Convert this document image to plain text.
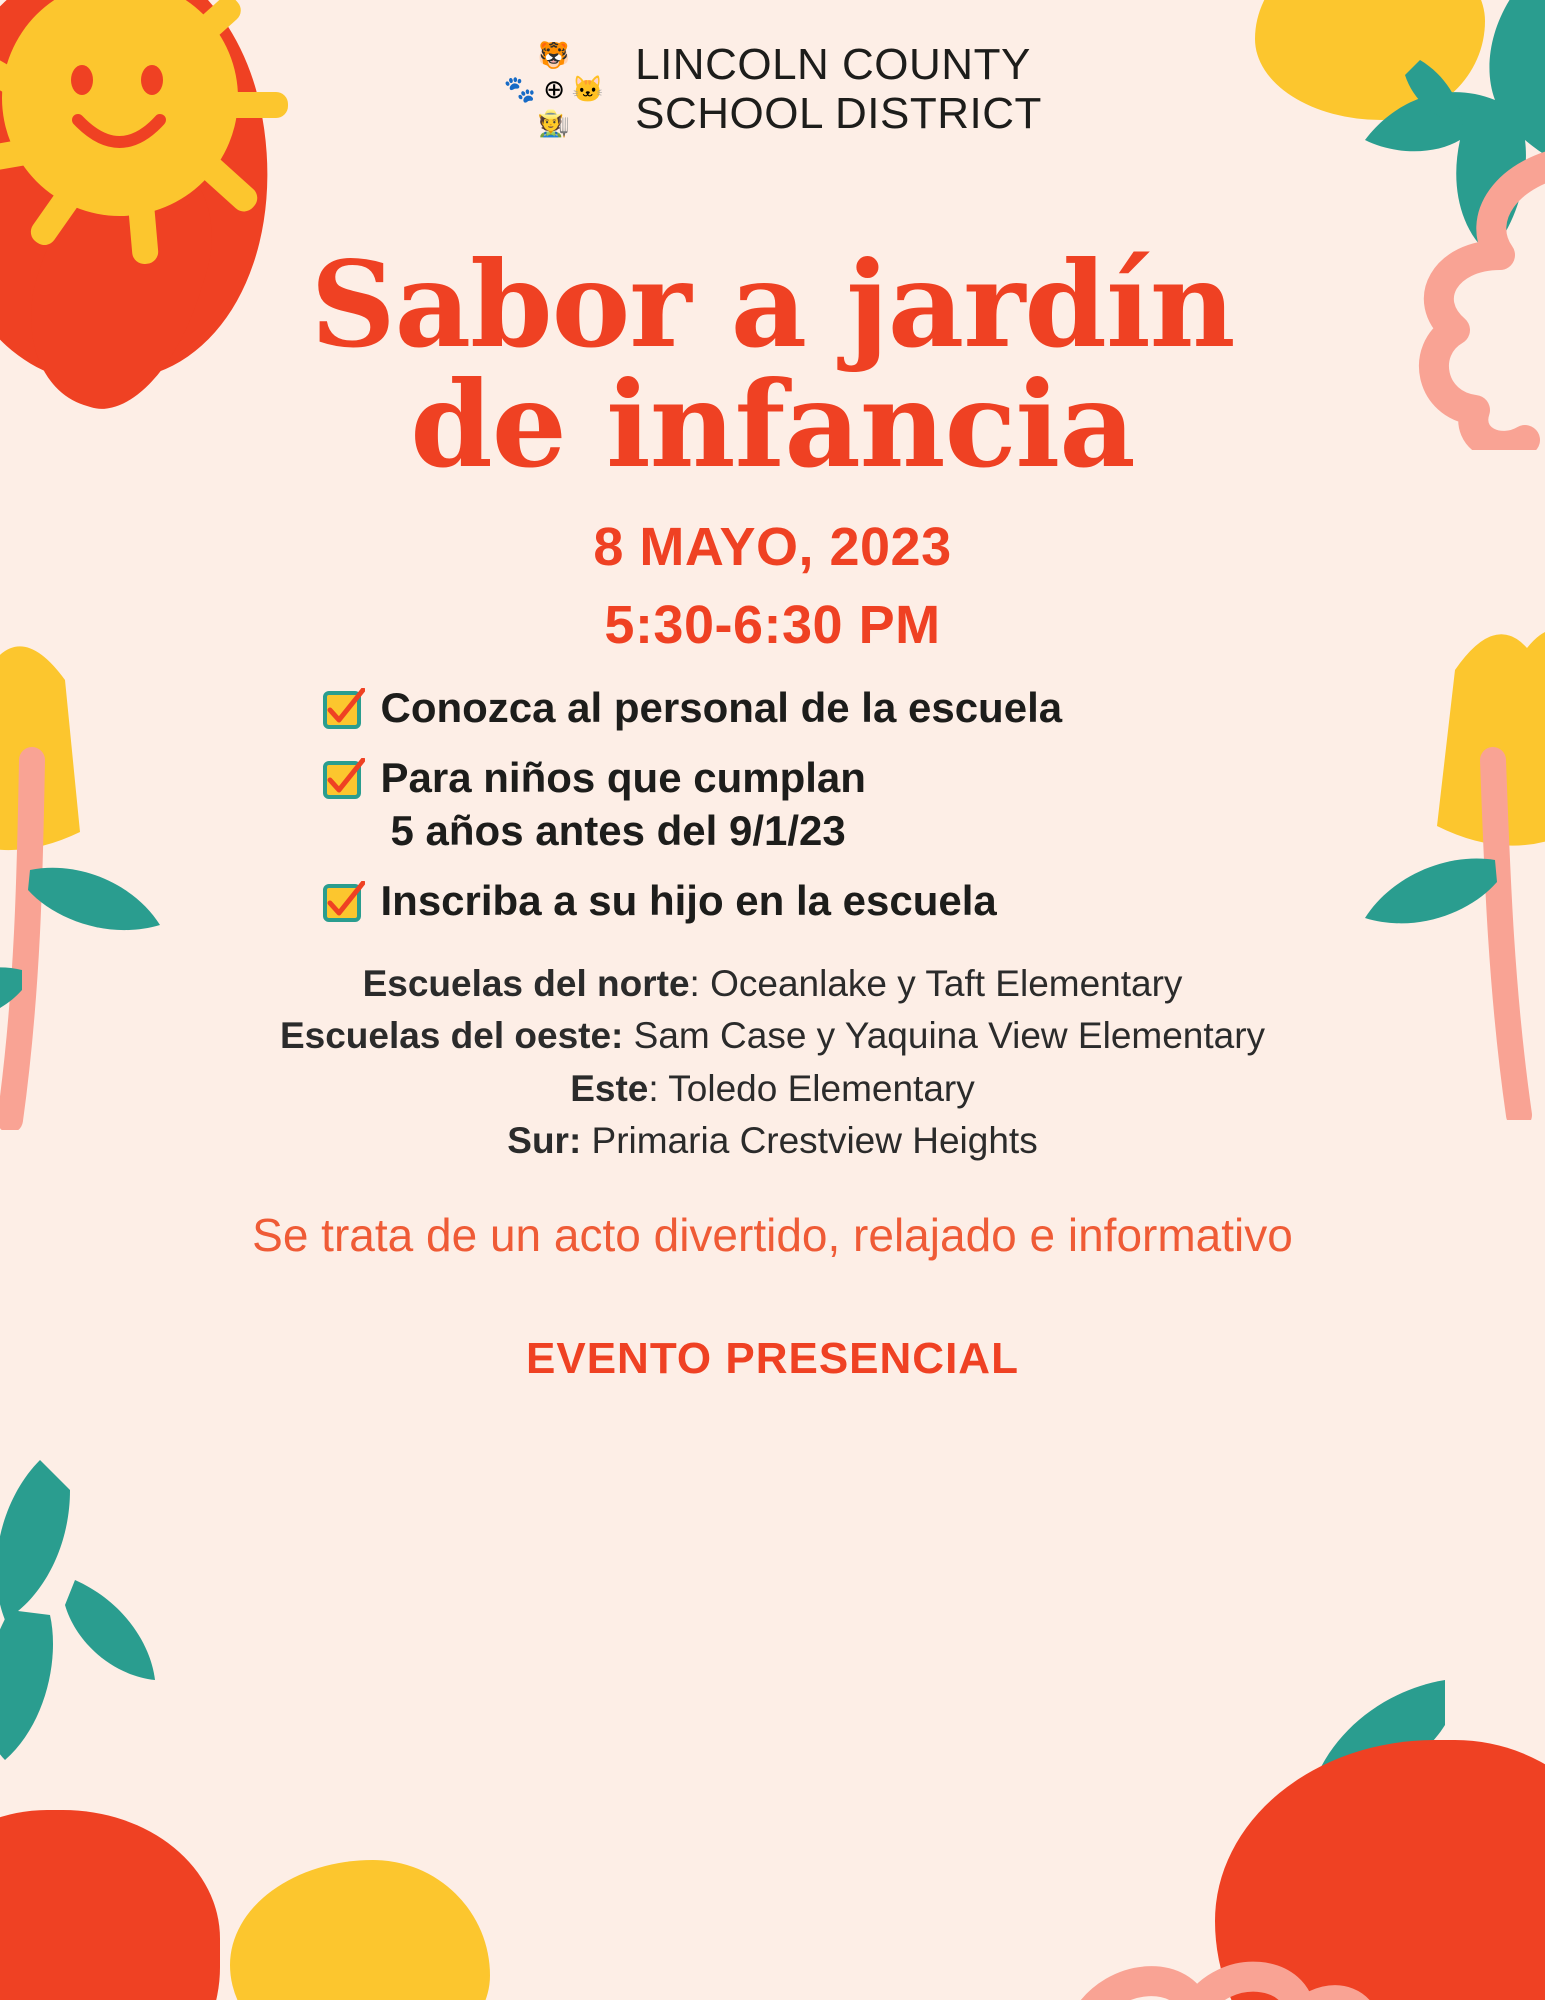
🐯
🐾 ⊕ 🐱
🧑‍🌾
LINCOLN COUNTY
SCHOOL DISTRICT
Sabor a jardín
de infancia
8 MAYO, 2023
5:30-6:30 PM
Conozca al personal de la escuela
Para niños que cumplan
5 años antes del 9/1/23
Inscriba a su hijo en la escuela
Escuelas del norte: Oceanlake y Taft Elementary
Escuelas del oeste: Sam Case y Yaquina View Elementary
Este: Toledo Elementary
Sur: Primaria Crestview Heights
Se trata de un acto divertido, relajado e informativo
EVENTO PRESENCIAL
